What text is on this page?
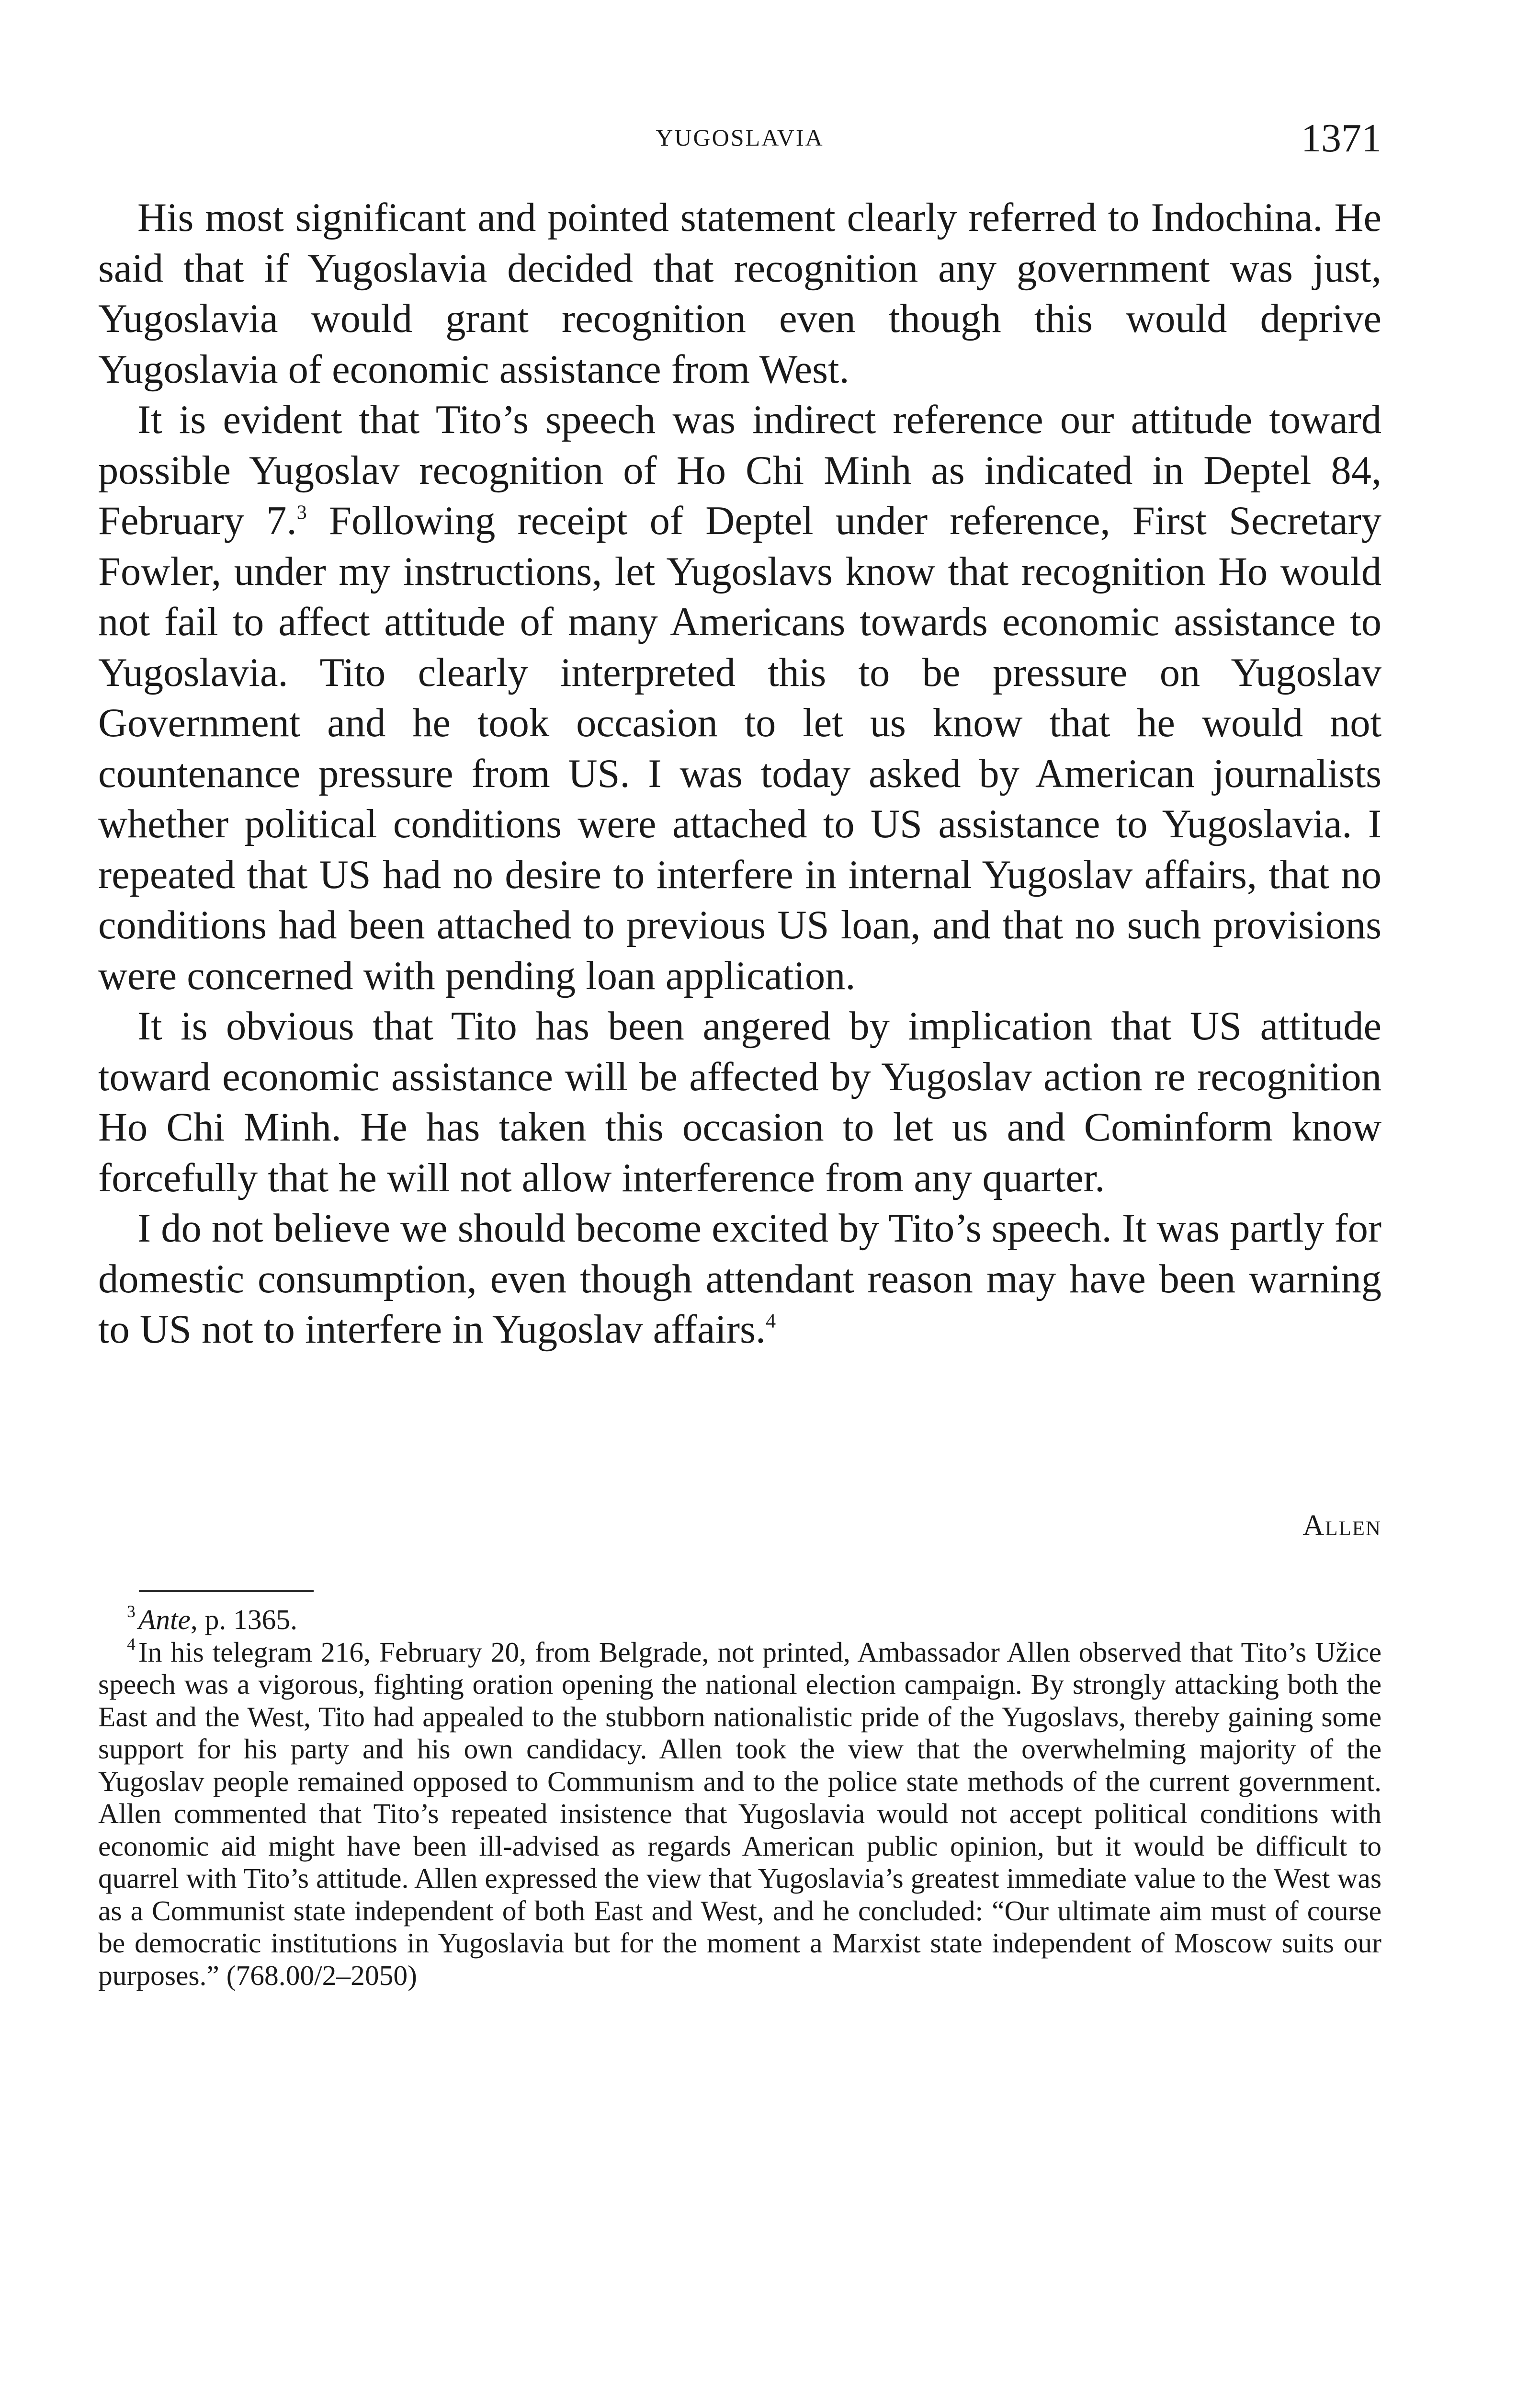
YUGOSLAVIA	1371

His most significant and pointed statement clearly referred to Indochina. He said that if Yugoslavia decided that recognition any government was just, Yugoslavia would grant recognition even though this would deprive Yugoslavia of economic assistance from West.

It is evident that Tito’s speech was indirect reference our attitude toward possible Yugoslav recognition of Ho Chi Minh as indicated in Deptel 84, February 7.$^3$ Following receipt of Deptel under reference, First Secretary Fowler, under my instructions, let Yugoslavs know that recognition Ho would not fail to affect attitude of many Americans towards economic assistance to Yugoslavia. Tito clearly interpreted this to be pressure on Yugoslav Government and he took occasion to let us know that he would not countenance pressure from US. I was today asked by American journalists whether political conditions were attached to US assistance to Yugoslavia. I repeated that US had no desire to interfere in internal Yugoslav affairs, that no conditions had been attached to previous US loan, and that no such provisions were concerned with pending loan application.

It is obvious that Tito has been angered by implication that US attitude toward economic assistance will be affected by Yugoslav action re recognition Ho Chi Minh. He has taken this occasion to let us and Cominform know forcefully that he will not allow interference from any quarter.

I do not believe we should become excited by Tito’s speech. It was partly for domestic consumption, even though attendant reason may have been warning to US not to interfere in Yugoslav affairs.$^4$

Allen

$^3$ Ante, p. 1365.

$^4$ In his telegram 216, February 20, from Belgrade, not printed, Ambassador Allen observed that Tito’s Užice speech was a vigorous, fighting oration opening the national election campaign. By strongly attacking both the East and the West, Tito had appealed to the stubborn nationalistic pride of the Yugoslavs, thereby gaining some support for his party and his own candidacy. Allen took the view that the overwhelming majority of the Yugoslav people remained opposed to Communism and to the police state methods of the current government. Allen commented that Tito’s repeated insistence that Yugoslavia would not accept political conditions with economic aid might have been ill-advised as regards American public opinion, but it would be difficult to quarrel with Tito’s attitude. Allen expressed the view that Yugoslavia’s greatest immediate value to the West was as a Communist state independent of both East and West, and he concluded: “Our ultimate aim must of course be democratic institutions in Yugoslavia but for the moment a Marxist state independent of Moscow suits our purposes.” (768.00/2–2050)
